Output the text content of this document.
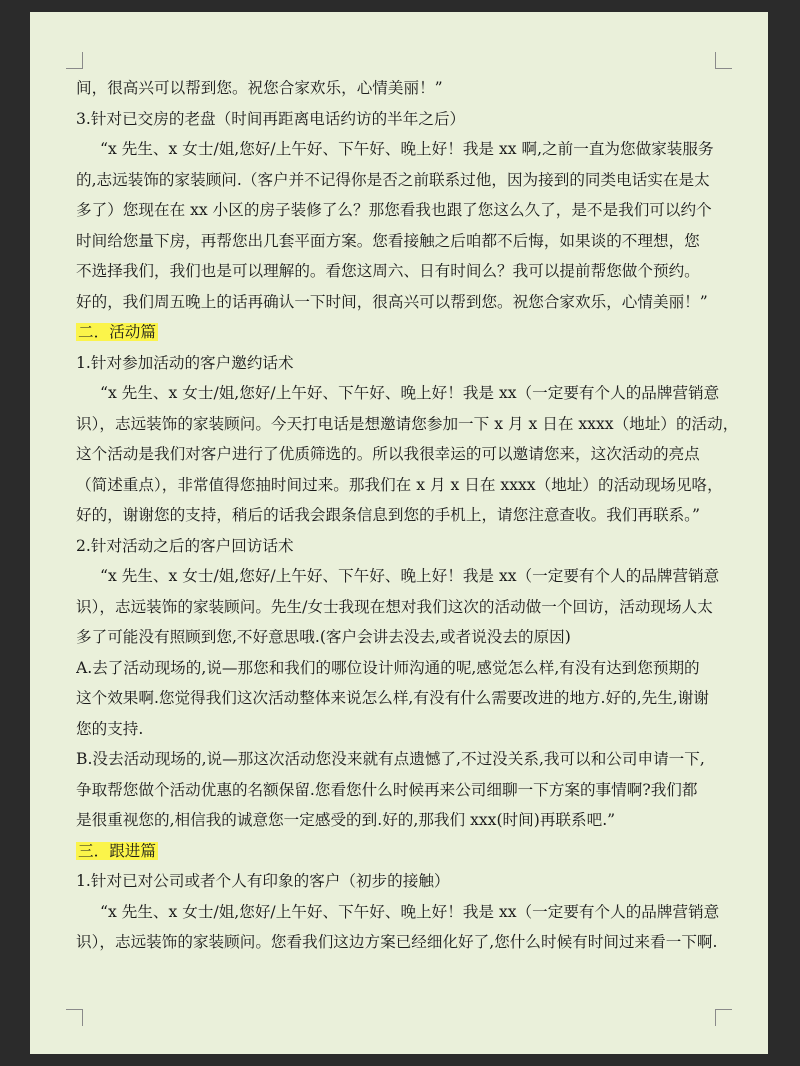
间，很高兴可以帮到您。祝您合家欢乐，心情美丽！”
3.针对已交房的老盘（时间再距离电话约访的半年之后）
“x 先生、x 女士/姐,您好/上午好、下午好、晚上好！我是 xx 啊,之前一直为您做家装服务
的,志远装饰的家装顾问.（客户并不记得你是否之前联系过他，因为接到的同类电话实在是太
多了）您现在在 xx 小区的房子装修了么？那您看我也跟了您这么久了，是不是我们可以约个
时间给您量下房，再帮您出几套平面方案。您看接触之后咱都不后悔，如果谈的不理想，您
不选择我们，我们也是可以理解的。看您这周六、日有时间么？我可以提前帮您做个预约。
好的，我们周五晚上的话再确认一下时间，很高兴可以帮到您。祝您合家欢乐，心情美丽！”
二．活动篇
1.针对参加活动的客户邀约话术
“x 先生、x 女士/姐,您好/上午好、下午好、晚上好！我是 xx（一定要有个人的品牌营销意
识），志远装饰的家装顾问。今天打电话是想邀请您参加一下 x 月 x 日在 xxxx（地址）的活动，
这个活动是我们对客户进行了优质筛选的。所以我很幸运的可以邀请您来，这次活动的亮点
（简述重点），非常值得您抽时间过来。那我们在 x 月 x 日在 xxxx（地址）的活动现场见咯，
好的，谢谢您的支持，稍后的话我会跟条信息到您的手机上，请您注意查收。我们再联系。”
2.针对活动之后的客户回访话术
“x 先生、x 女士/姐,您好/上午好、下午好、晚上好！我是 xx（一定要有个人的品牌营销意
识），志远装饰的家装顾问。先生/女士我现在想对我们这次的活动做一个回访，活动现场人太
多了可能没有照顾到您,不好意思哦.(客户会讲去没去,或者说没去的原因)
A.去了活动现场的,说—那您和我们的哪位设计师沟通的呢,感觉怎么样,有没有达到您预期的
这个效果啊.您觉得我们这次活动整体来说怎么样,有没有什么需要改进的地方.好的,先生,谢谢
您的支持.
B.没去活动现场的,说—那这次活动您没来就有点遗憾了,不过没关系,我可以和公司申请一下,
争取帮您做个活动优惠的名额保留.您看您什么时候再来公司细聊一下方案的事情啊?我们都
是很重视您的,相信我的诚意您一定感受的到.好的,那我们 xxx(时间)再联系吧.”
三．跟进篇
1.针对已对公司或者个人有印象的客户（初步的接触）
“x 先生、x 女士/姐,您好/上午好、下午好、晚上好！我是 xx（一定要有个人的品牌营销意
识），志远装饰的家装顾问。您看我们这边方案已经细化好了,您什么时候有时间过来看一下啊.
